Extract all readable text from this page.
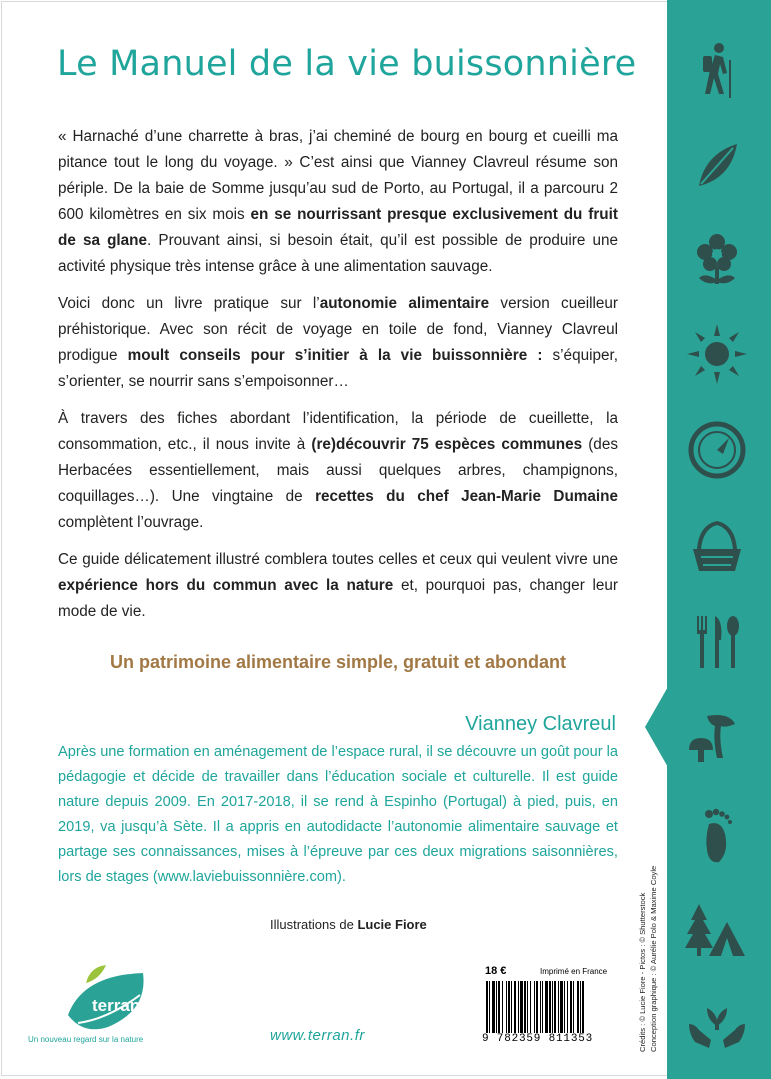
Le Manuel de la vie buissonnière

« Harnaché d’une charrette à bras, j’ai cheminé de bourg en bourg et cueilli ma pitance tout le long du voyage. » C’est ainsi que Vianney Clavreul résume son périple. De la baie de Somme jusqu’au sud de Porto, au Portugal, il a parcouru 2 600 kilomètres en six mois en se nourrissant presque exclusivement du fruit de sa glane. Prouvant ainsi, si besoin était, qu’il est possible de produire une activité physique très intense grâce à une alimentation sauvage.

Voici donc un livre pratique sur l’autonomie alimentaire version cueilleur préhistorique. Avec son récit de voyage en toile de fond, Vianney Clavreul prodigue moult conseils pour s’initier à la vie buissonnière : s’équiper, s’orienter, se nourrir sans s’empoisonner…

À travers des fiches abordant l’identification, la période de cueillette, la consommation, etc., il nous invite à (re)découvrir 75 espèces communes (des Herbacées essentiellement, mais aussi quelques arbres, champignons, coquillages…). Une vingtaine de recettes du chef Jean-Marie Dumaine complètent l’ouvrage.

Ce guide délicatement illustré comblera toutes celles et ceux qui veulent vivre une expérience hors du commun avec la nature et, pourquoi pas, changer leur mode de vie.

Un patrimoine alimentaire simple, gratuit et abondant
Vianney Clavreul
Après une formation en aménagement de l’espace rural, il se découvre un goût pour la pédagogie et décide de travailler dans l’éducation sociale et culturelle. Il est guide nature depuis 2009. En 2017-2018, il se rend à Espinho (Portugal) à pied, puis, en 2019, va jusqu’à Sète. Il a appris en autodidacte l’autonomie alimentaire sauvage et partage ses connaissances, mises à l’épreuve par ces deux migrations saisonnières, lors de stages (www.laviebuissonnière.com).
Illustrations de Lucie Fiore
terran
Un nouveau regard sur la nature	www.terran.fr
18 €	Imprimé en France
9 782359 811353	Crédits : © Lucie Fiore - Pictos : © Shutterstock Conception graphique : © Aurélie Polo & Maxime Coyle
